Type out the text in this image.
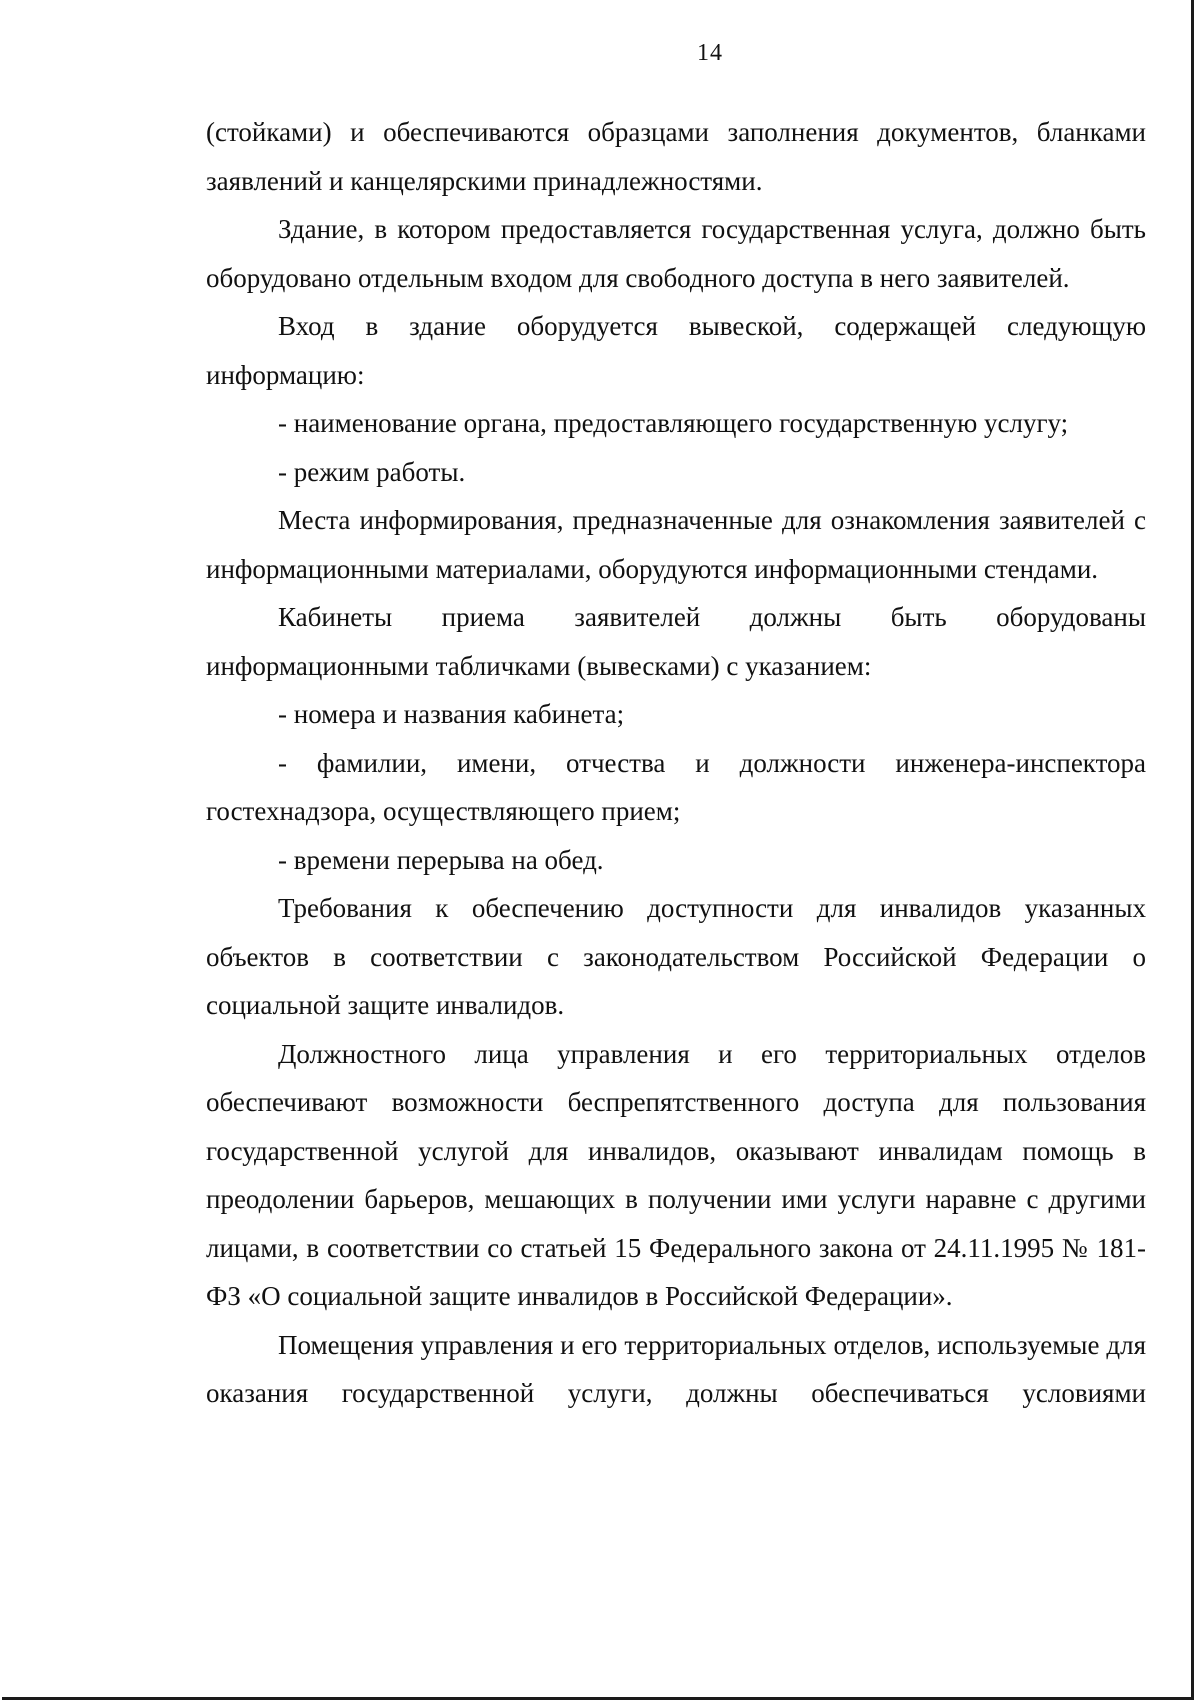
14

(стойками) и обеспечиваются образцами заполнения документов, бланками заявлений и канцелярскими принадлежностями.

Здание, в котором предоставляется государственная услуга, должно быть оборудовано отдельным входом для свободного доступа в него заявителей.

Вход в здание оборудуется вывеской, содержащей следующую информацию:

- наименование органа, предоставляющего государственную услугу;

- режим работы.

Места информирования, предназначенные для ознакомления заявителей с информационными материалами, оборудуются информационными стендами.

Кабинеты приема заявителей должны быть оборудованы информационными табличками (вывесками) с указанием:

- номера и названия кабинета;

- фамилии, имени, отчества и должности инженера-инспектора гостехнадзора, осуществляющего прием;

- времени перерыва на обед.

Требования к обеспечению доступности для инвалидов указанных объектов в соответствии с законодательством Российской Федерации о социальной защите инвалидов.

Должностного лица управления и его территориальных отделов обеспечивают возможности беспрепятственного доступа для пользования государственной услугой для инвалидов, оказывают инвалидам помощь в преодолении барьеров, мешающих в получении ими услуги наравне с другими лицами, в соответствии со статьей 15 Федерального закона от 24.11.1995 № 181-ФЗ «О социальной защите инвалидов в Российской Федерации».

Помещения управления и его территориальных отделов, используемые для оказания государственной услуги, должны обеспечиваться условиями
